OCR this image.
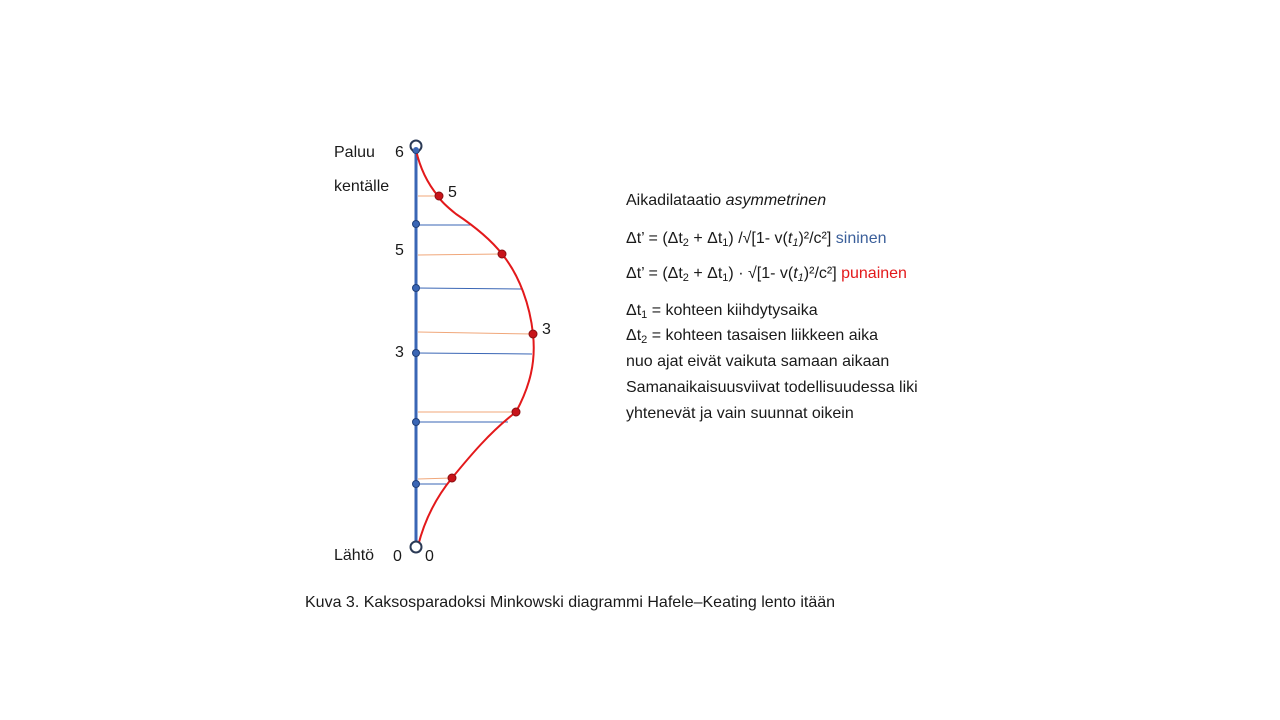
Paluu 6
kentälle	5
5
3
3
Lähtö 0 0
Aikadilataatio asymmetrinen
Δt’ = $(\Delta t_2 + \Delta t_1)$ /√[1- $v(t_1)^2/c^2$] sininen
Δt’ = $(\Delta t_2 + \Delta t_1) \cdot √[1-$ $v(t_1)^2/c^2$] punainen
$\Delta t_1$ = kohteen kiihdytysaika
$\Delta t_2$ = kohteen tasaisen liikkeen aika
nuo ajat eivät vaikuta samaan aikaan
Samanaikaisuusviivat todellisuudessa liki
yhtenevät ja vain suunnat oikein
Kuva 3. Kaksosparadoksi Minkowski diagrammi Hafele–Keating lento itään
